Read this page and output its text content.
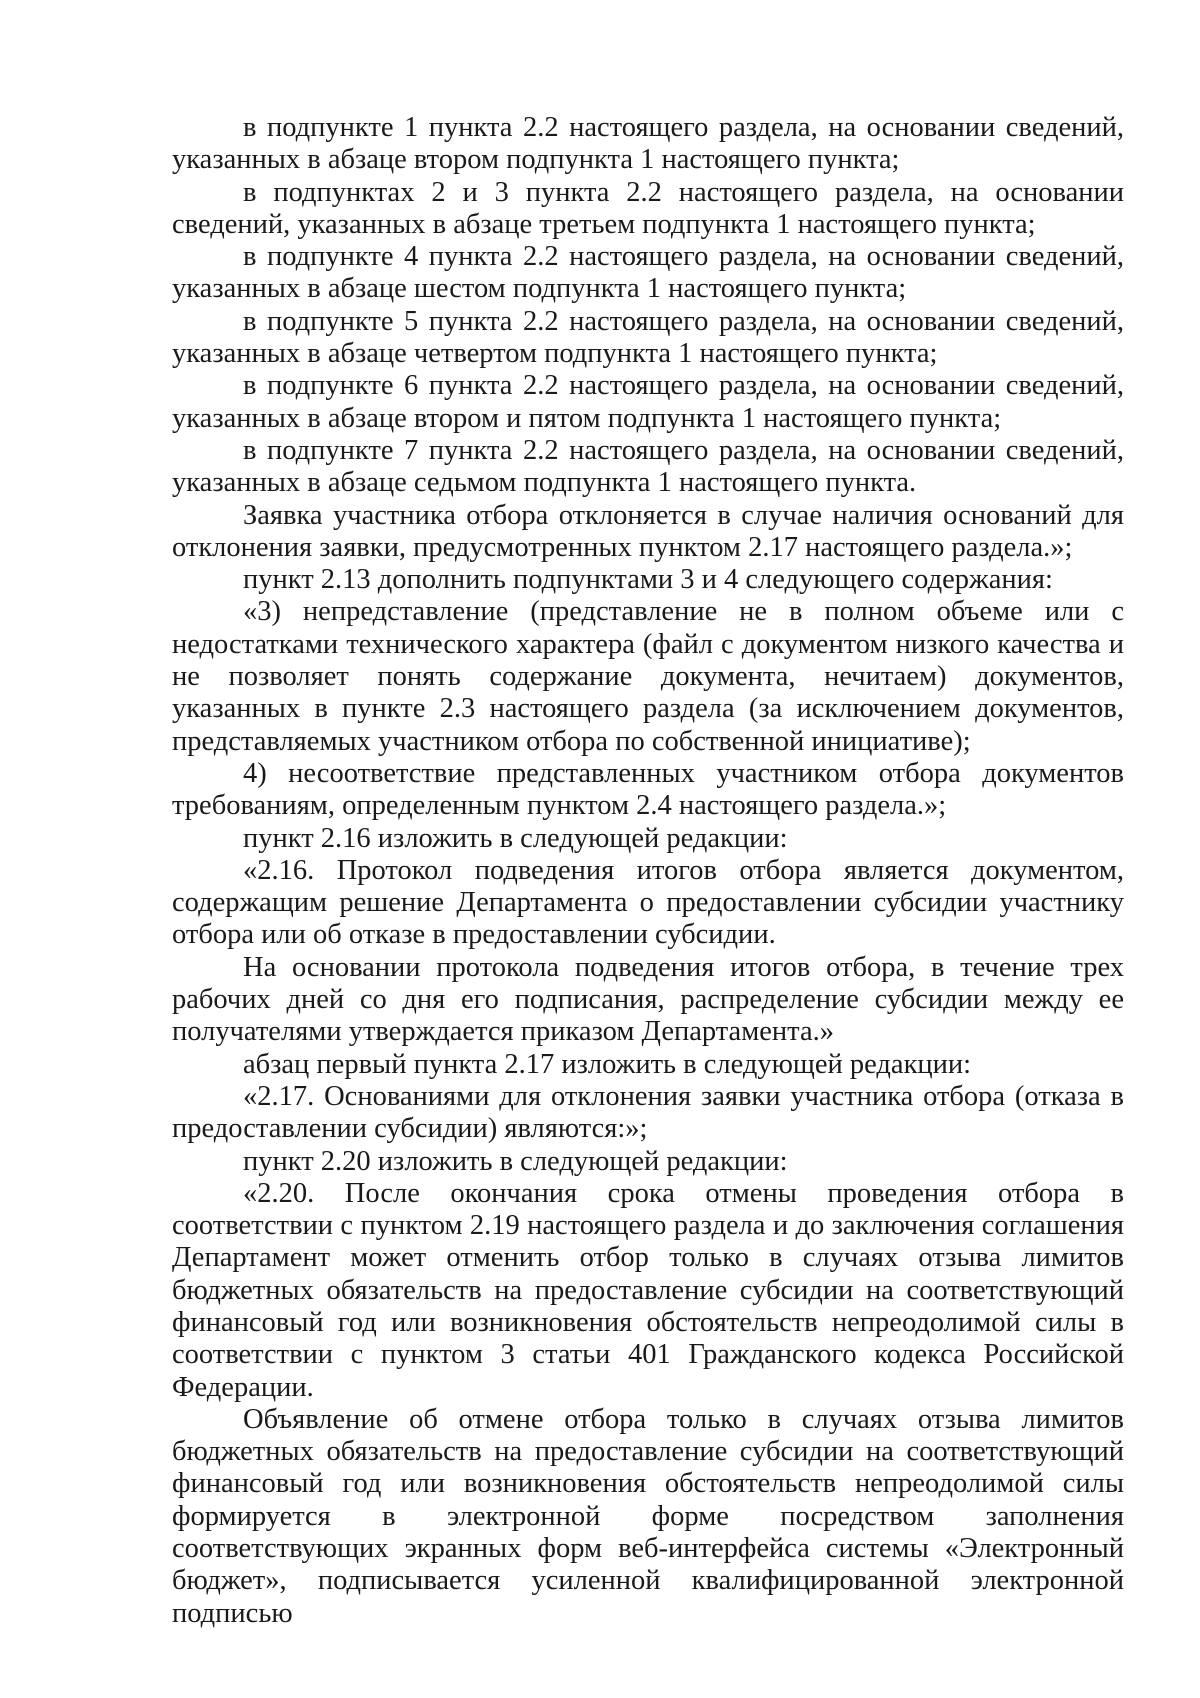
в подпункте 1 пункта 2.2 настоящего раздела, на основании сведений, указанных в абзаце втором подпункта 1 настоящего пункта;

в подпунктах 2 и 3 пункта 2.2 настоящего раздела, на основании сведений, указанных в абзаце третьем подпункта 1 настоящего пункта;

в подпункте 4 пункта 2.2 настоящего раздела, на основании сведений, указанных в абзаце шестом подпункта 1 настоящего пункта;

в подпункте 5 пункта 2.2 настоящего раздела, на основании сведений, указанных в абзаце четвертом подпункта 1 настоящего пункта;

в подпункте 6 пункта 2.2 настоящего раздела, на основании сведений, указанных в абзаце втором и пятом подпункта 1 настоящего пункта;

в подпункте 7 пункта 2.2 настоящего раздела, на основании сведений, указанных в абзаце седьмом подпункта 1 настоящего пункта.

Заявка участника отбора отклоняется в случае наличия оснований для отклонения заявки, предусмотренных пунктом 2.17 настоящего раздела.»;

пункт 2.13 дополнить подпунктами 3 и 4 следующего содержания:

«3) непредставление (представление не в полном объеме или с недостатками технического характера (файл с документом низкого качества и не позволяет понять содержание документа, нечитаем) документов, указанных в пункте 2.3 настоящего раздела (за исключением документов, представляемых участником отбора по собственной инициативе);

4) несоответствие представленных участником отбора документов требованиям, определенным пунктом 2.4 настоящего раздела.»;

пункт 2.16 изложить в следующей редакции:

«2.16. Протокол подведения итогов отбора является документом, содержащим решение Департамента о предоставлении субсидии участнику отбора или об отказе в предоставлении субсидии.

На основании протокола подведения итогов отбора, в течение трех рабочих дней со дня его подписания, распределение субсидии между ее получателями утверждается приказом Департамента.»

абзац первый пункта 2.17 изложить в следующей редакции:

«2.17. Основаниями для отклонения заявки участника отбора (отказа в предоставлении субсидии) являются:»;

пункт 2.20 изложить в следующей редакции:

«2.20. После окончания срока отмены проведения отбора в соответствии с пунктом 2.19 настоящего раздела и до заключения соглашения Департамент может отменить отбор только в случаях отзыва лимитов бюджетных обязательств на предоставление субсидии на соответствующий финансовый год или возникновения обстоятельств непреодолимой силы в соответствии с пунктом 3 статьи 401 Гражданского кодекса Российской Федерации.

Объявление об отмене отбора только в случаях отзыва лимитов бюджетных обязательств на предоставление субсидии на соответствующий финансовый год или возникновения обстоятельств непреодолимой силы формируется в электронной форме посредством заполнения соответствующих экранных форм веб-интерфейса системы «Электронный бюджет», подписывается усиленной квалифицированной электронной подписью
